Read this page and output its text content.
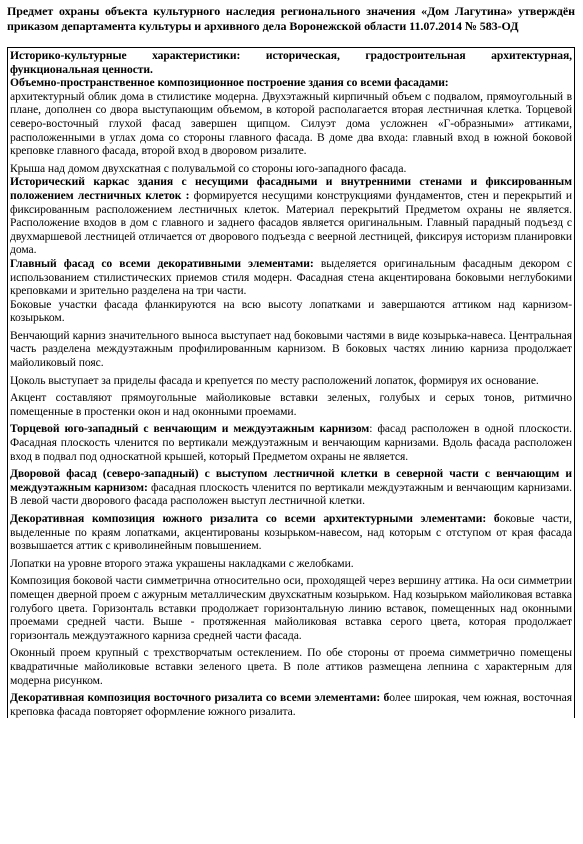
Предмет охраны объекта культурного наследия регионального значения «Дом Лагутина» утверждён приказом департамента культуры и архивного дела Воронежской области 11.07.2014 № 583-ОД
Историко-культурные характеристики: историческая, градостроительная архитектурная, функциональная ценности.
Объемно-пространственное композиционное построение здания со всеми фасадами:
архитектурный облик дома в стилистике модерна. Двухэтажный кирпичный объем с подвалом, прямоугольный в плане, дополнен со двора выступающим объемом, в которой располагается вторая лестничная клетка. Торцевой северо-восточный глухой фасад завершен щипцом. Силуэт дома усложнен «Г-образными» аттиками, расположенными в углах дома со стороны главного фасада. В доме два входа: главный вход в южной боковой креповке главного фасада, второй вход в дворовом ризалите.
Крыша над домом двухскатная с полувальмой со стороны юго-западного фасада.
Исторический каркас здания с несущими фасадными и внутренними стенами и фиксированным положением лестничных клеток : формируется несущими конструкциями фундаментов, стен и перекрытий и фиксированным расположением лестничных клеток. Материал перекрытий Предметом охраны не является. Расположение входов в дом с главного и заднего фасадов является оригинальным. Главный парадный подъезд с двухмаршевой лестницей отличается от дворового подъезда с веерной лестницей, фиксируя историзм планировки дома.
Главный фасад со всеми декоративными элементами: выделяется оригинальным фасадным декором с использованием стилистических приемов стиля модерн. Фасадная стена акцентирована боковыми неглубокими креповками и зрительно разделена на три части.
Боковые участки фасада фланкируются на всю высоту лопатками и завершаются аттиком над карнизом-козырьком.
Венчающий карниз значительного выноса выступает над боковыми частями в виде козырька-навеса. Центральная часть разделена междуэтажным профилированным карнизом. В боковых частях линию карниза продолжает майоликовый пояс.
Цоколь выступает за приделы фасада и крепуется по месту расположений лопаток, формируя их основание.
Акцент составляют прямоугольные майоликовые вставки зеленых, голубых и серых тонов, ритмично помещенные в простенки окон и над оконными проемами.
Торцевой юго-западный с венчающим и междуэтажным карнизом: фасад расположен в одной плоскости. Фасадная плоскость членится по вертикали междуэтажным и венчающим карнизами. Вдоль фасада расположен вход в подвал под односкатной крышей, который Предметом охраны не является.
Дворовой фасад (северо-западный) с выступом лестничной клетки в северной части с венчающим и междуэтажным карнизом: фасадная плоскость членится по вертикали междуэтажным и венчающим карнизами. В левой части дворового фасада расположен выступ лестничной клетки.
Декоративная композиция южного ризалита со всеми архитектурными элементами: боковые части, выделенные по краям лопатками, акцентированы козырьком-навесом, над которым с отступом от края фасада возвышается аттик с криволинейным повышением.
Лопатки на уровне второго этажа украшены накладками с желобками.
Композиция боковой части симметрична относительно оси, проходящей через вершину аттика. На оси симметрии помещен дверной проем с ажурным металлическим двухскатным козырьком. Над козырьком майоликовая вставка голубого цвета. Горизонталь вставки продолжает горизонтальную линию вставок, помещенных над оконными проемами средней части. Выше - протяженная майоликовая вставка серого цвета, которая продолжает горизонталь междуэтажного карниза средней части фасада.
Оконный проем крупный с трехстворчатым остеклением. По обе стороны от проема симметрично помещены квадратичные майоликовые вставки зеленого цвета. В поле аттиков размещена лепнина с характерным для модерна рисунком.
Декоративная композиция восточного ризалита со всеми элементами: более широкая, чем южная, восточная креповка фасада повторяет оформление южного ризалита.
